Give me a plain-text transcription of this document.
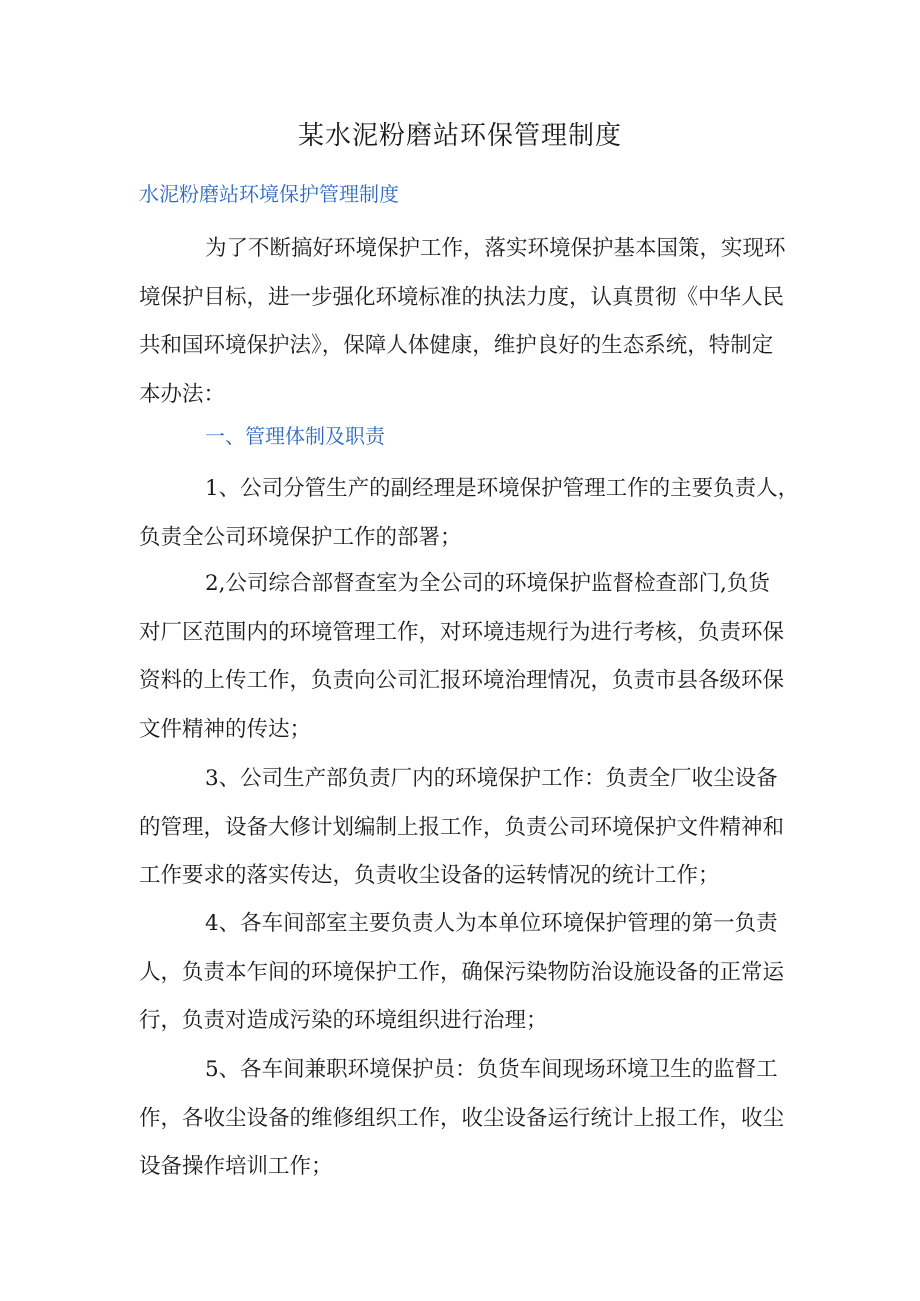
某水泥粉磨站环保管理制度
水泥粉磨站环境保护管理制度

为了不断搞好环境保护工作，落实环境保护基本国策，实现环
境保护目标，进一步强化环境标准的执法力度，认真贯彻《中华人民
共和国环境保护法》，保障人体健康，维护良好的生态系统，特制定
本办法：

一、管理体制及职责

1、公司分管生产的副经理是环境保护管理工作的主要负责人，
负责全公司环境保护工作的部署；

2,公司综合部督查室为全公司的环境保护监督检查部门,负货
对厂区范围内的环境管理工作，对环境违规行为进行考核，负责环保
资料的上传工作，负责向公司汇报环境治理情况，负责市县各级环保
文件精神的传达；

3、公司生产部负责厂内的环境保护工作：负责全厂收尘设备
的管理，设备大修计划编制上报工作，负责公司环境保护文件精神和
工作要求的落实传达，负责收尘设备的运转情况的统计工作；

4、各车间部室主要负责人为本单位环境保护管理的第一负责
人，负责本乍间的环境保护工作，确保污染物防治设施设备的正常运
行，负责对造成污染的环境组织进行治理；

5、各车间兼职环境保护员：负货车间现场环境卫生的监督工
作，各收尘设备的维修组织工作，收尘设备运行统计上报工作，收尘
设备操作培训工作；
